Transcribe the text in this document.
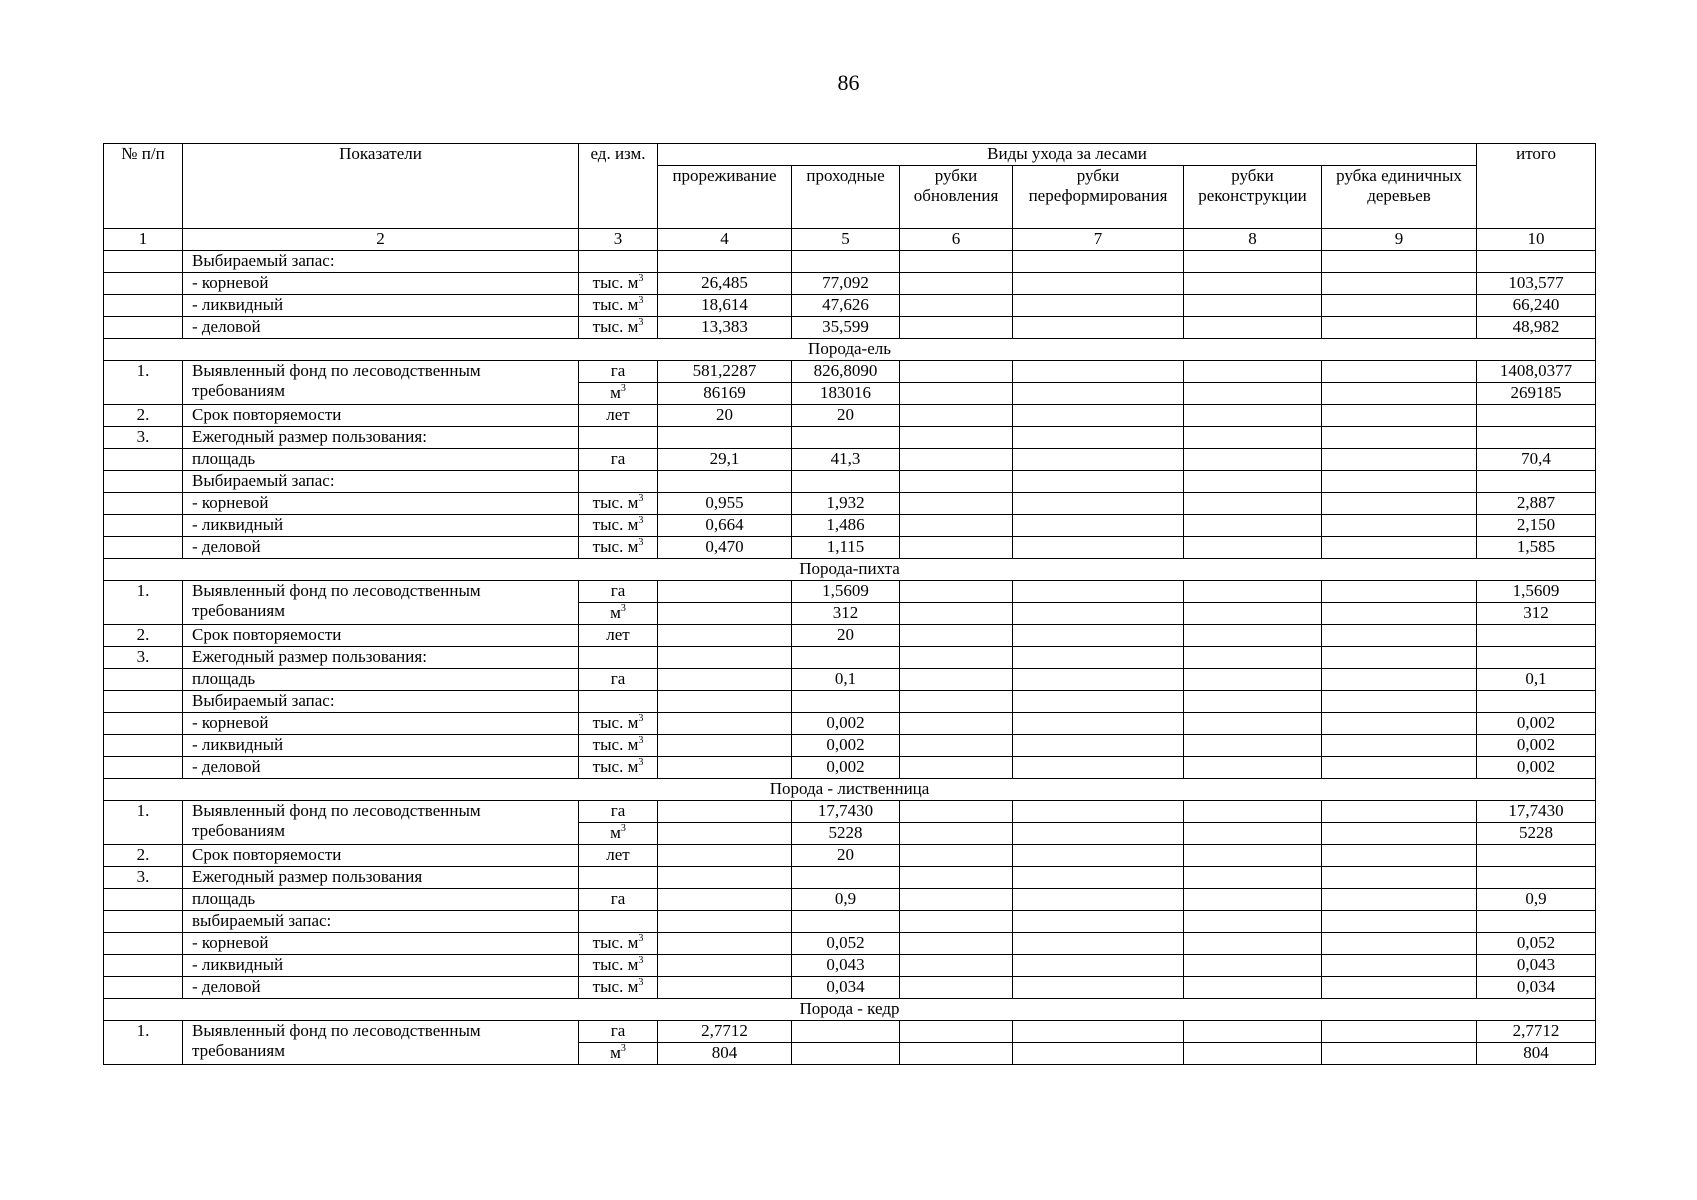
86
№ п/п	Показатели	ед. изм.	Виды ухода за лесами						итого
			прореживание	проходные	рубки обновления	рубки переформирования	рубки реконструкции	рубка единичных деревьев	
1	2	3	4	5	6	7	8	9	10
	Выбираемый запас:								
	- корневой	тыс. $м^3$	26,485	77,092					103,577
	- ликвидный	тыс. $м^3$	18,614	47,626					66,240
	- деловой	тыс. $м^3$	13,383	35,599					48,982
Порода-ель									
1.	Выявленный фонд по лесоводственным требованиям	га	581,2287	826,8090					1408,0377
		$м^3$	86169	183016					269185
2.	Срок повторяемости	лет	20	20					
3.	Ежегодный размер пользования:								
	площадь	га	29,1	41,3					70,4
	Выбираемый запас:								
	- корневой	тыс. $м^3$	0,955	1,932					2,887
	- ликвидный	тыс. $м^3$	0,664	1,486					2,150
	- деловой	тыс. $м^3$	0,470	1,115					1,585
Порода-пихта									
1.	Выявленный фонд по лесоводственным требованиям	га		1,5609					1,5609
		$м^3$		312					312
2.	Срок повторяемости	лет		20					
3.	Ежегодный размер пользования:								
	площадь	га		0,1					0,1
	Выбираемый запас:								
	- корневой	тыс. $м^3$		0,002					0,002
	- ликвидный	тыс. $м^3$		0,002					0,002
	- деловой	тыс. $м^3$		0,002					0,002
Порода - лиственница									
1.	Выявленный фонд по лесоводственным требованиям	га		17,7430					17,7430
		$м^3$		5228					5228
2.	Срок повторяемости	лет		20					
3.	Ежегодный размер пользования								
	площадь	га		0,9					0,9
	выбираемый запас:								
	- корневой	тыс. $м^3$		0,052					0,052
	- ликвидный	тыс. $м^3$		0,043					0,043
	- деловой	тыс. $м^3$		0,034					0,034
Порода - кедр									
1.	Выявленный фонд по лесоводственным требованиям	га	2,7712						2,7712
		$м^3$	804						804
